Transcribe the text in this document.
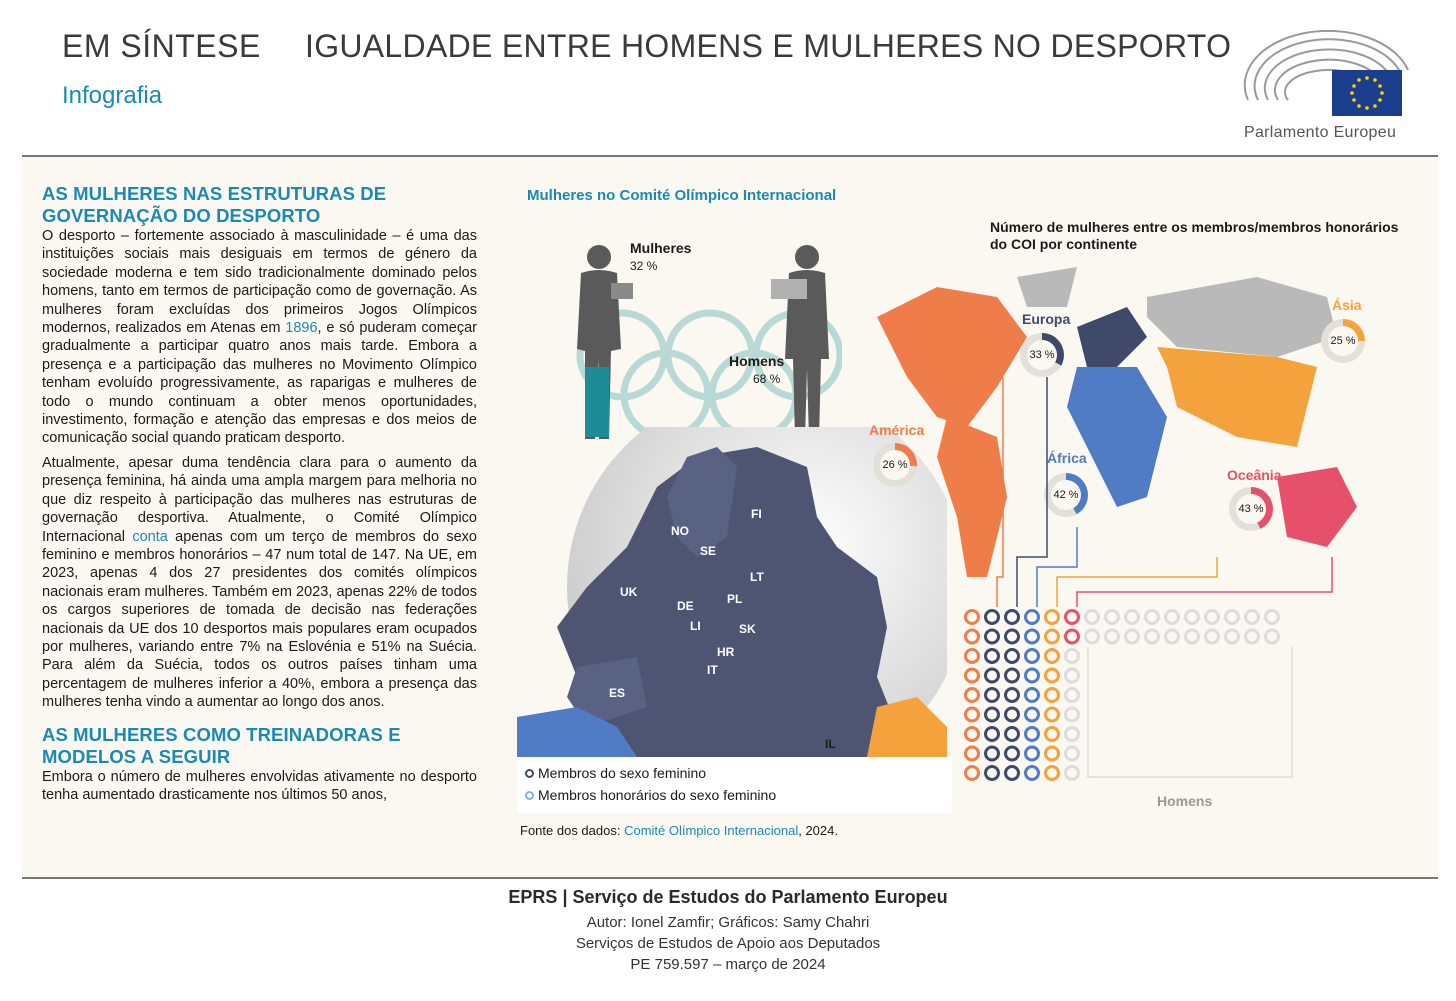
EM SÍNTESE IGUALDADE ENTRE HOMENS E MULHERES NO DESPORTO
Infografia
Parlamento Europeu
AS MULHERES NAS ESTRUTURAS DE GOVERNAÇÃO DO DESPORTO

O desporto – fortemente associado à masculinidade – é uma das instituições sociais mais desiguais em termos de género da sociedade moderna e tem sido tradicionalmente dominado pelos homens, tanto em termos de participação como de governação. As mulheres foram excluídas dos primeiros Jogos Olímpicos modernos, realizados em Atenas em 1896, e só puderam começar gradualmente a participar quatro anos mais tarde. Embora a presença e a participação das mulheres no Movimento Olímpico tenham evoluído progressivamente, as raparigas e mulheres de todo o mundo continuam a obter menos oportunidades, investimento, formação e atenção das empresas e dos meios de comunicação social quando praticam desporto.

Atualmente, apesar duma tendência clara para o aumento da presença feminina, há ainda uma ampla margem para melhoria no que diz respeito à participação das mulheres nas estruturas de governação desportiva. Atualmente, o Comité Olímpico Internacional conta apenas com um terço de membros do sexo feminino e membros honorários – 47 num total de 147. Na UE, em 2023, apenas 4 dos 27 presidentes dos comités olímpicos nacionais eram mulheres. Também em 2023, apenas 22% de todos os cargos superiores de tomada de decisão nas federações nacionais da UE dos 10 desportos mais populares eram ocupados por mulheres, variando entre 7% na Eslovénia e 51% na Suécia. Para além da Suécia, todos os outros países tinham uma percentagem de mulheres inferior a 40%, embora a presença das mulheres tenha vindo a aumentar ao longo dos anos.

AS MULHERES COMO TREINADORAS E MODELOS A SEGUIR

Embora o número de mulheres envolvidas ativamente no desporto tenha aumentado drasticamente nos últimos 50 anos,

Mulheres no Comité Olímpico Internacional
Mulheres
32 %
Homens
68 %
NO
SE
FI
UK
LT
DE	PL
LI	SK
HR
IT
ES
IL
Número de mulheres entre os membros/membros honorários do COI por continente
Europa
33 %
Ásia
25 %
América
26 %	África
42 %
Oceânia
43 %
Homens
Membros do sexo feminino
Membros honorários do sexo feminino
Fonte dos dados: Comité Olímpico Internacional, 2024.
EPRS | Serviço de Estudos do Parlamento Europeu
Autor: Ionel Zamfir; Gráficos: Samy Chahri
Serviços de Estudos de Apoio aos Deputados
PE 759.597 – março de 2024
